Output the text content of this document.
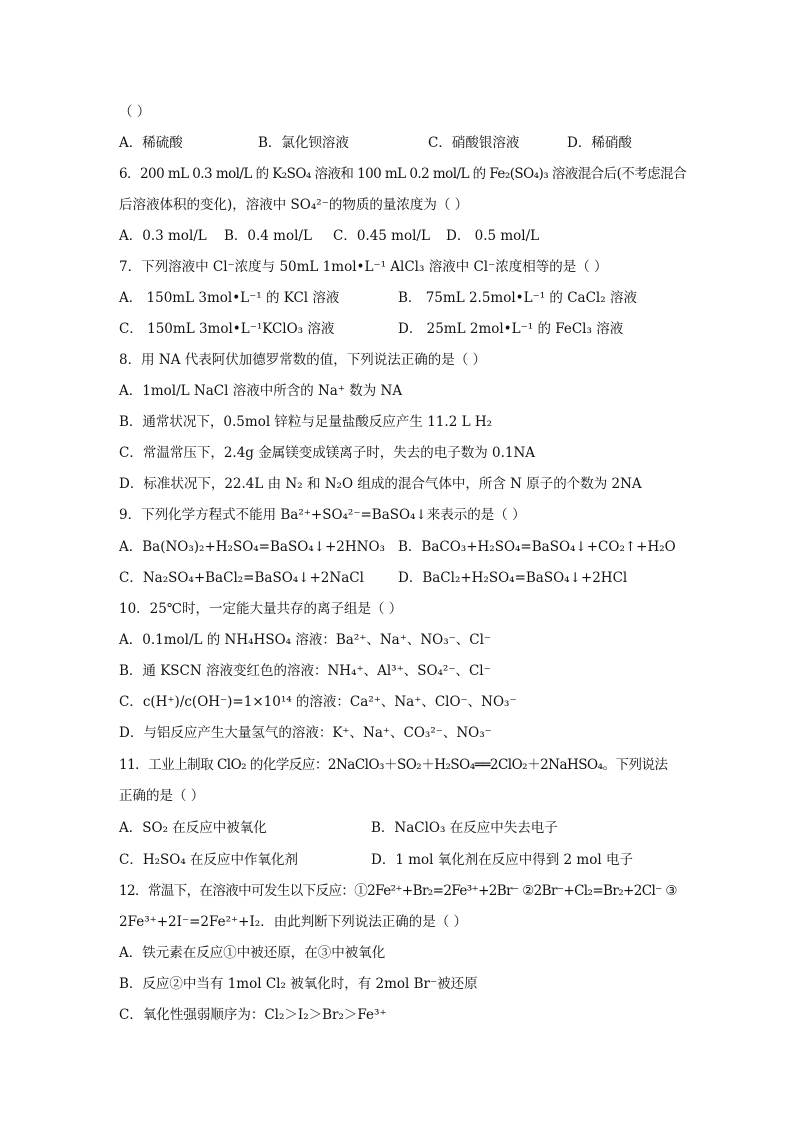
（ ）
A．稀硫酸	B．氯化钡溶液	C．硝酸银溶液	D．稀硝酸
6．200 mL 0.3 mol/L 的 K₂SO₄ 溶液和 100 mL 0.2 mol/L 的 Fe₂(SO₄)₃ 溶液混合后(不考虑混合
后溶液体积的变化)，溶液中 SO₄²⁻的物质的量浓度为（ ）
A．0.3 mol/L B．0.4 mol/L C．0.45 mol/L D． 0.5 mol/L
7．下列溶液中 Cl⁻浓度与 50mL 1mol•L⁻¹ AlCl₃ 溶液中 Cl⁻浓度相等的是（ ）
A． 150mL 3mol•L⁻¹ 的 KCl 溶液	B． 75mL 2.5mol•L⁻¹ 的 CaCl₂ 溶液
C． 150mL 3mol•L⁻¹KClO₃ 溶液	D． 25mL 2mol•L⁻¹ 的 FeCl₃ 溶液
8．用 NA 代表阿伏加德罗常数的值，下列说法正确的是（ ）
A．1mol/L NaCl 溶液中所含的 Na⁺ 数为 NA
B．通常状况下，0.5mol 锌粒与足量盐酸反应产生 11.2 L H₂
C．常温常压下，2.4g 金属镁变成镁离子时，失去的电子数为 0.1NA
D．标准状况下，22.4L 由 N₂ 和 N₂O 组成的混合气体中，所含 N 原子的个数为 2NA
9．下列化学方程式不能用 Ba²⁺+SO₄²⁻=BaSO₄↓来表示的是（ ）
A．Ba(NO₃)₂+H₂SO₄=BaSO₄↓+2HNO₃ B．BaCO₃+H₂SO₄=BaSO₄↓+CO₂↑+H₂O
C．Na₂SO₄+BaCl₂=BaSO₄↓+2NaCl	D．BaCl₂+H₂SO₄=BaSO₄↓+2HCl
10．25℃时，一定能大量共存的离子组是（ ）
A．0.1mol/L 的 NH₄HSO₄ 溶液：Ba²⁺、Na⁺、NO₃⁻、Cl⁻
B．通 KSCN 溶液变红色的溶液：NH₄⁺、Al³⁺、SO₄²⁻、Cl⁻
C．c(H⁺)/c(OH⁻)=1×10¹⁴ 的溶液：Ca²⁺、Na⁺、ClO⁻、NO₃⁻
D．与铝反应产生大量氢气的溶液：K⁺、Na⁺、CO₃²⁻、NO₃⁻
11．工业上制取 ClO₂ 的化学反应：2NaClO₃＋SO₂＋H₂SO₄══2ClO₂＋2NaHSO₄。下列说法
正确的是（ ）
A．SO₂ 在反应中被氧化	B．NaClO₃ 在反应中失去电子
C．H₂SO₄ 在反应中作氧化剂	D．1 mol 氧化剂在反应中得到 2 mol 电子
12．常温下，在溶液中可发生以下反应：①2Fe²⁺+Br₂=2Fe³⁺+2Br⁻ ②2Br⁻+Cl₂=Br₂+2Cl⁻ ③
2Fe³⁺+2I⁻=2Fe²⁺+I₂．由此判断下列说法正确的是（ ）
A．铁元素在反应①中被还原，在③中被氧化
B．反应②中当有 1mol Cl₂ 被氧化时，有 2mol Br⁻被还原
C．氧化性强弱顺序为：Cl₂＞I₂＞Br₂＞Fe³⁺
